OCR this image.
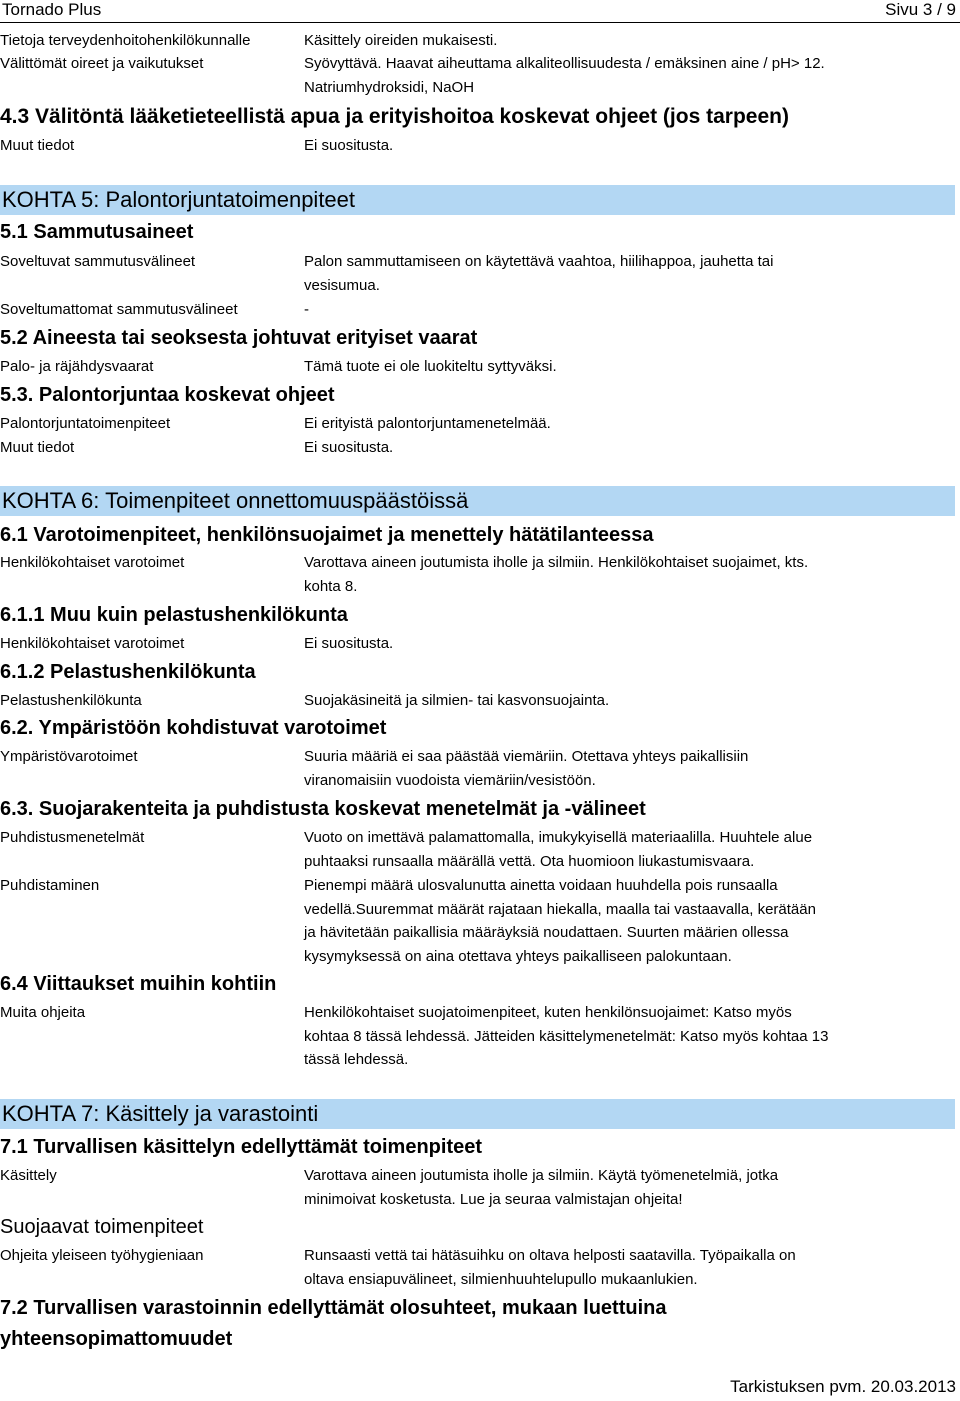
Tornado Plus	Sivu 3 / 9
Tietoja terveydenhoitohenkilökunnalle	Käsittely oireiden mukaisesti.
Välittömät oireet ja vaikutukset	Syövyttävä. Haavat aiheuttama alkaliteollisuudesta / emäksinen aine / pH> 12.
Natriumhydroksidi, NaOH
4.3 Välitöntä lääketieteellistä apua ja erityishoitoa koskevat ohjeet (jos tarpeen)
Muut tiedot	Ei suositusta.
KOHTA 5: Palontorjuntatoimenpiteet
5.1 Sammutusaineet
Soveltuvat sammutusvälineet	Palon sammuttamiseen on käytettävä vaahtoa, hiilihappoa, jauhetta tai
vesisumua.
Soveltumattomat sammutusvälineet	-
5.2 Aineesta tai seoksesta johtuvat erityiset vaarat
Palo- ja räjähdysvaarat	Tämä tuote ei ole luokiteltu syttyväksi.
5.3. Palontorjuntaa koskevat ohjeet
Palontorjuntatoimenpiteet	Ei erityistä palontorjuntamenetelmää.
Muut tiedot	Ei suositusta.
KOHTA 6: Toimenpiteet onnettomuuspäästöissä
6.1 Varotoimenpiteet, henkilönsuojaimet ja menettely hätätilanteessa
Henkilökohtaiset varotoimet	Varottava aineen joutumista iholle ja silmiin. Henkilökohtaiset suojaimet, kts.
kohta 8.
6.1.1 Muu kuin pelastushenkilökunta
Henkilökohtaiset varotoimet	Ei suositusta.
6.1.2 Pelastushenkilökunta
Pelastushenkilökunta	Suojakäsineitä ja silmien- tai kasvonsuojainta.
6.2. Ympäristöön kohdistuvat varotoimet
Ympäristövarotoimet	Suuria määriä ei saa päästää viemäriin. Otettava yhteys paikallisiin
viranomaisiin vuodoista viemäriin/vesistöön.
6.3. Suojarakenteita ja puhdistusta koskevat menetelmät ja -välineet
Puhdistusmenetelmät	Vuoto on imettävä palamattomalla, imukykyisellä materiaalilla. Huuhtele alue
puhtaaksi runsaalla määrällä vettä. Ota huomioon liukastumisvaara.
Puhdistaminen	Pienempi määrä ulosvalunutta ainetta voidaan huuhdella pois runsaalla
vedellä.Suuremmat määrät rajataan hiekalla, maalla tai vastaavalla, kerätään
ja hävitetään paikallisia määräyksiä noudattaen. Suurten määrien ollessa
kysymyksessä on aina otettava yhteys paikalliseen palokuntaan.
6.4 Viittaukset muihin kohtiin
Muita ohjeita	Henkilökohtaiset suojatoimenpiteet, kuten henkilönsuojaimet: Katso myös
kohtaa 8 tässä lehdessä. Jätteiden käsittelymenetelmät: Katso myös kohtaa 13
tässä lehdessä.
KOHTA 7: Käsittely ja varastointi
7.1 Turvallisen käsittelyn edellyttämät toimenpiteet
Käsittely	Varottava aineen joutumista iholle ja silmiin. Käytä työmenetelmiä, jotka
minimoivat kosketusta. Lue ja seuraa valmistajan ohjeita!
Suojaavat toimenpiteet
Ohjeita yleiseen työhygieniaan	Runsaasti vettä tai hätäsuihku on oltava helposti saatavilla. Työpaikalla on
oltava ensiapuvälineet, silmienhuuhtelupullo mukaanlukien.
7.2 Turvallisen varastoinnin edellyttämät olosuhteet, mukaan luettuina
yhteensopimattomuudet
Tarkistuksen pvm. 20.03.2013
